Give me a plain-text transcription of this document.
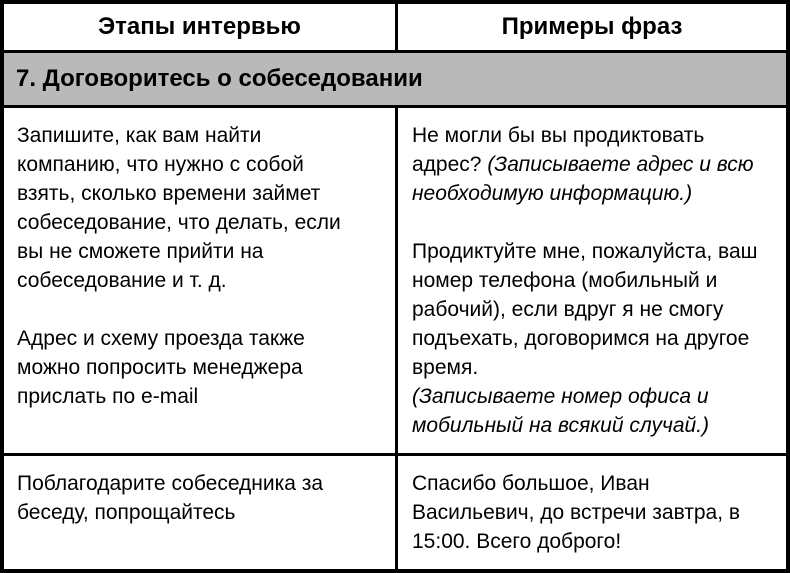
Этапы интервью	Примеры фраз
7. Договоритесь о собеседовании

Запишите, как вам найти компанию, что нужно с собой взять, сколько времени займет собеседование, что делать, если вы не сможете прийти на собеседование и т. д.

Адрес и схему проезда также можно попросить менеджера прислать по e-mail

Не могли бы вы продиктовать адрес? (Записываете адрес и всю необходимую информацию.)

Продиктуйте мне, пожалуйста, ваш номер телефона (мобильный и рабочий), если вдруг я не смогу подъехать, договоримся на другое время.

(Записываете номер офиса и мобильный на всякий случай.)

Поблагодарите собеседника за беседу, попрощайтесь

Спасибо большое, Иван Васильевич, до встречи завтра, в 15:00. Всего доброго!
